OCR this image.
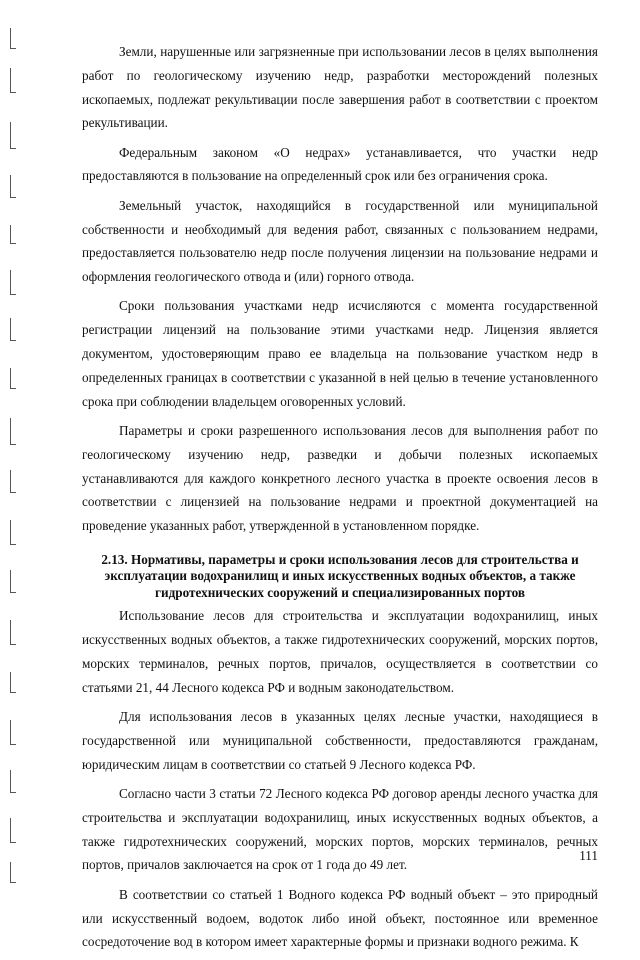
Земли, нарушенные или загрязненные при использовании лесов в целях выполнения работ по геологическому изучению недр, разработки месторождений полезных ископаемых, подлежат рекультивации после завершения работ в соответствии с проектом рекультивации.

Федеральным законом «О недрах» устанавливается, что участки недр предоставляются в пользование на определенный срок или без ограничения срока.

Земельный участок, находящийся в государственной или муниципальной собственности и необходимый для ведения работ, связанных с пользованием недрами, предоставляется пользователю недр после получения лицензии на пользование недрами и оформления геологического отвода и (или) горного отвода.

Сроки пользования участками недр исчисляются с момента государственной регистрации лицензий на пользование этими участками недр. Лицензия является документом, удостоверяющим право ее владельца на пользование участком недр в определенных границах в соответствии с указанной в ней целью в течение установленного срока при соблюдении владельцем оговоренных условий.

Параметры и сроки разрешенного использования лесов для выполнения работ по геологическому изучению недр, разведки и добычи полезных ископаемых устанавливаются для каждого конкретного лесного участка в проекте освоения лесов в соответствии с лицензией на пользование недрами и проектной документацией на проведение указанных работ, утвержденной в установленном порядке.

2.13. Нормативы, параметры и сроки использования лесов для строительства и эксплуатации водохранилищ и иных искусственных водных объектов, а также гидротехнических сооружений и специализированных портов

Использование лесов для строительства и эксплуатации водохранилищ, иных искусственных водных объектов, а также гидротехнических сооружений, морских портов, морских терминалов, речных портов, причалов, осуществляется в соответствии со статьями 21, 44 Лесного кодекса РФ и водным законодательством.

Для использования лесов в указанных целях лесные участки, находящиеся в государственной или муниципальной собственности, предоставляются гражданам, юридическим лицам в соответствии со статьей 9 Лесного кодекса РФ.

Согласно части 3 статьи 72 Лесного кодекса РФ договор аренды лесного участка для строительства и эксплуатации водохранилищ, иных искусственных водных объектов, а также гидротехнических сооружений, морских портов, морских терминалов, речных портов, причалов заключается на срок от 1 года до 49 лет.

В соответствии со статьей 1 Водного кодекса РФ водный объект – это природный или искусственный водоем, водоток либо иной объект, постоянное или временное сосредоточение вод в котором имеет характерные формы и признаки водного режима. К

111
